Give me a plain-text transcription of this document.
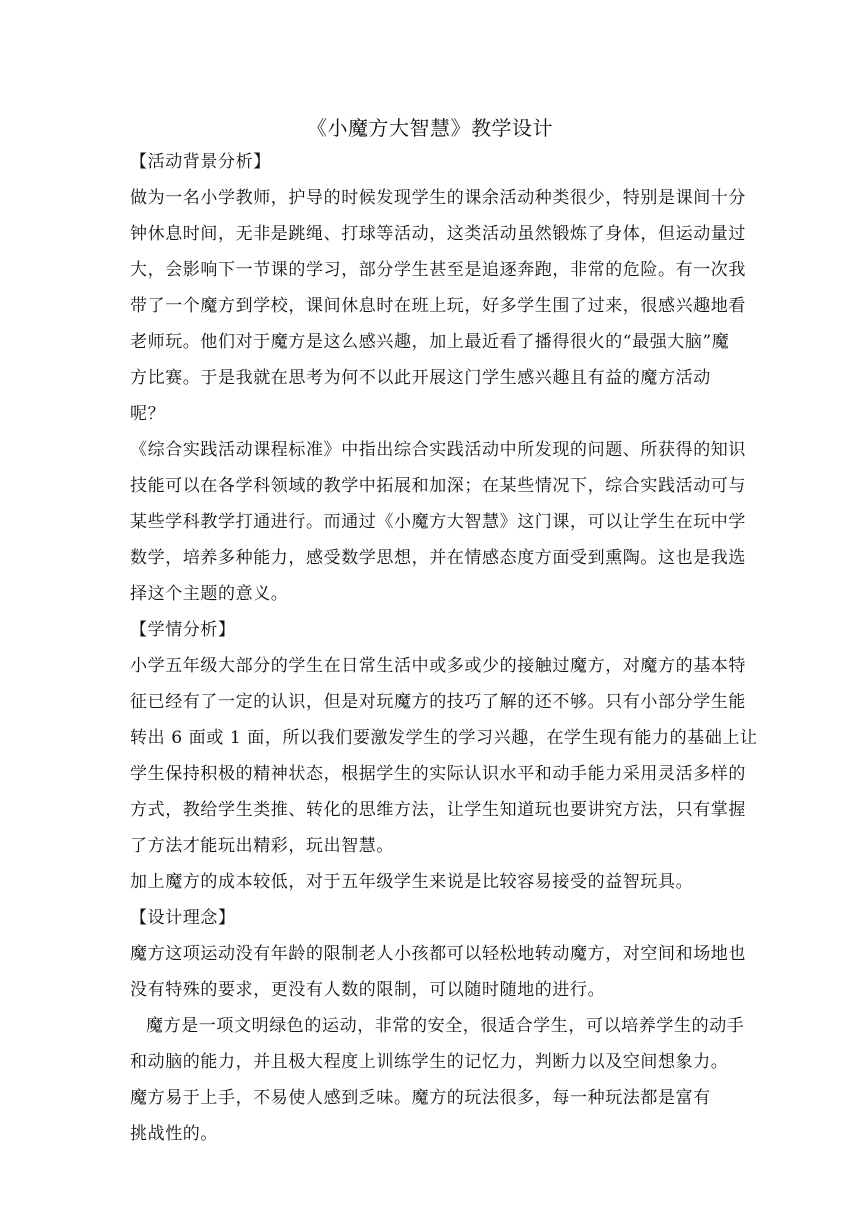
《小魔方大智慧》教学设计
【活动背景分析】
做为一名小学教师，护导的时候发现学生的课余活动种类很少，特别是课间十分
钟休息时间，无非是跳绳、打球等活动，这类活动虽然锻炼了身体，但运动量过
大，会影响下一节课的学习，部分学生甚至是追逐奔跑，非常的危险。有一次我
带了一个魔方到学校，课间休息时在班上玩，好多学生围了过来，很感兴趣地看
老师玩。他们对于魔方是这么感兴趣，加上最近看了播得很火的“最强大脑”魔
方比赛。于是我就在思考为何不以此开展这门学生感兴趣且有益的魔方活动
呢？
《综合实践活动课程标准》中指出综合实践活动中所发现的问题、所获得的知识
技能可以在各学科领域的教学中拓展和加深；在某些情况下，综合实践活动可与
某些学科教学打通进行。而通过《小魔方大智慧》这门课，可以让学生在玩中学
数学，培养多种能力，感受数学思想，并在情感态度方面受到熏陶。这也是我选
择这个主题的意义。
【学情分析】
小学五年级大部分的学生在日常生活中或多或少的接触过魔方，对魔方的基本特
征已经有了一定的认识，但是对玩魔方的技巧了解的还不够。只有小部分学生能
转出 6 面或 1 面，所以我们要激发学生的学习兴趣，在学生现有能力的基础上让
学生保持积极的精神状态，根据学生的实际认识水平和动手能力采用灵活多样的
方式，教给学生类推、转化的思维方法，让学生知道玩也要讲究方法，只有掌握
了方法才能玩出精彩，玩出智慧。
加上魔方的成本较低，对于五年级学生来说是比较容易接受的益智玩具。
【设计理念】
魔方这项运动没有年龄的限制老人小孩都可以轻松地转动魔方，对空间和场地也
没有特殊的要求，更没有人数的限制，可以随时随地的进行。
魔方是一项文明绿色的运动，非常的安全，很适合学生，可以培养学生的动手
和动脑的能力，并且极大程度上训练学生的记忆力，判断力以及空间想象力。
魔方易于上手，不易使人感到乏味。魔方的玩法很多，每一种玩法都是富有
挑战性的。
